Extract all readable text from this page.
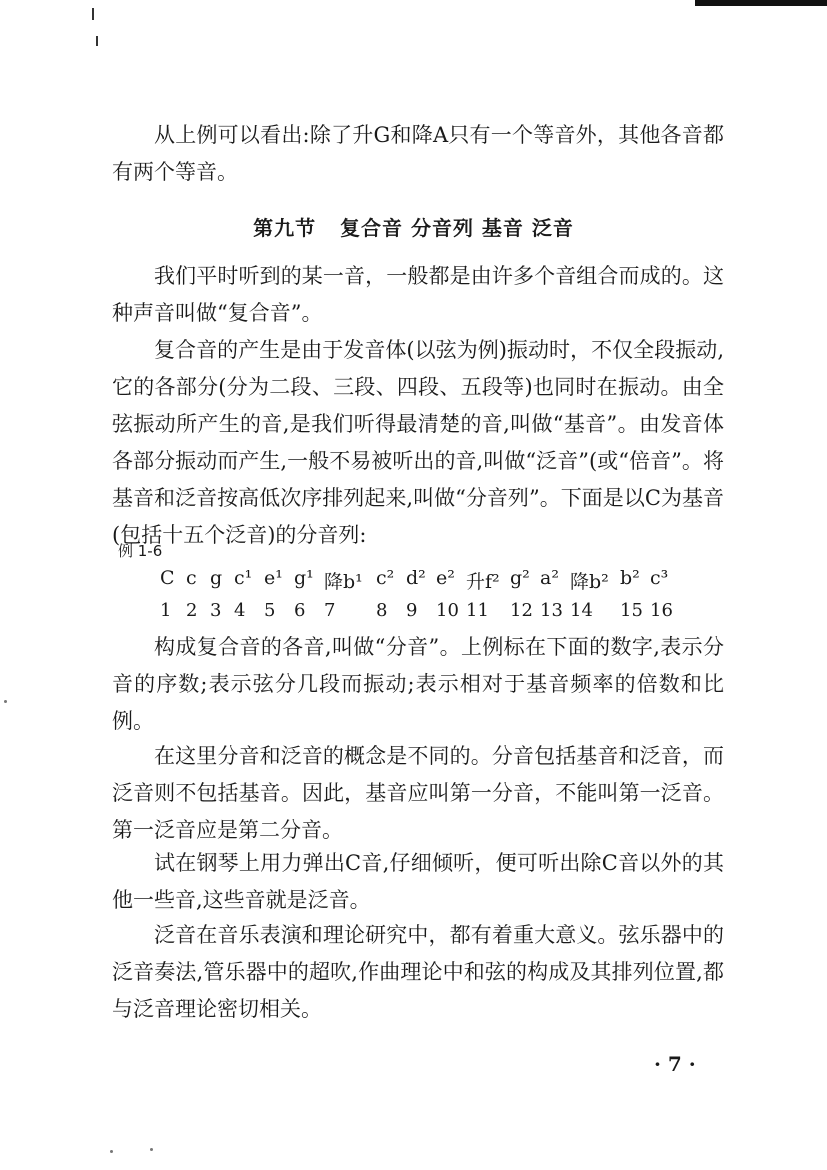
从上例可以看出:除了升G和降A只有一个等音外，其他各音都有两个等音。

第九节   复合音 分音列 基音 泛音

我们平时听到的某一音，一般都是由许多个音组合而成的。这种声音叫做“复合音”。

复合音的产生是由于发音体(以弦为例)振动时，不仅全段振动,它的各部分(分为二段、三段、四段、五段等)也同时在振动。由全弦振动所产生的音,是我们听得最清楚的音,叫做“基音”。由发音体各部分振动而产生,一般不易被听出的音,叫做“泛音”(或“倍音”。将基音和泛音按高低次序排列起来,叫做“分音列”。下面是以C为基音(包括十五个泛音)的分音列:

例 1-6
C c g c¹ e¹ g¹ 降b¹ c² d² e² 升f² g² a² 降b² b² c³
1 2 3 4	5	6	7	8	9	10 11	12 13 14	15 16

构成复合音的各音,叫做“分音”。上例标在下面的数字,表示分音的序数;表示弦分几段而振动;表示相对于基音频率的倍数和比例。

在这里分音和泛音的概念是不同的。分音包括基音和泛音，而泛音则不包括基音。因此，基音应叫第一分音，不能叫第一泛音。第一泛音应是第二分音。

试在钢琴上用力弹出C音,仔细倾听，便可听出除C音以外的其他一些音,这些音就是泛音。

泛音在音乐表演和理论研究中，都有着重大意义。弦乐器中的泛音奏法,管乐器中的超吹,作曲理论中和弦的构成及其排列位置,都与泛音理论密切相关。

· 7 ·
